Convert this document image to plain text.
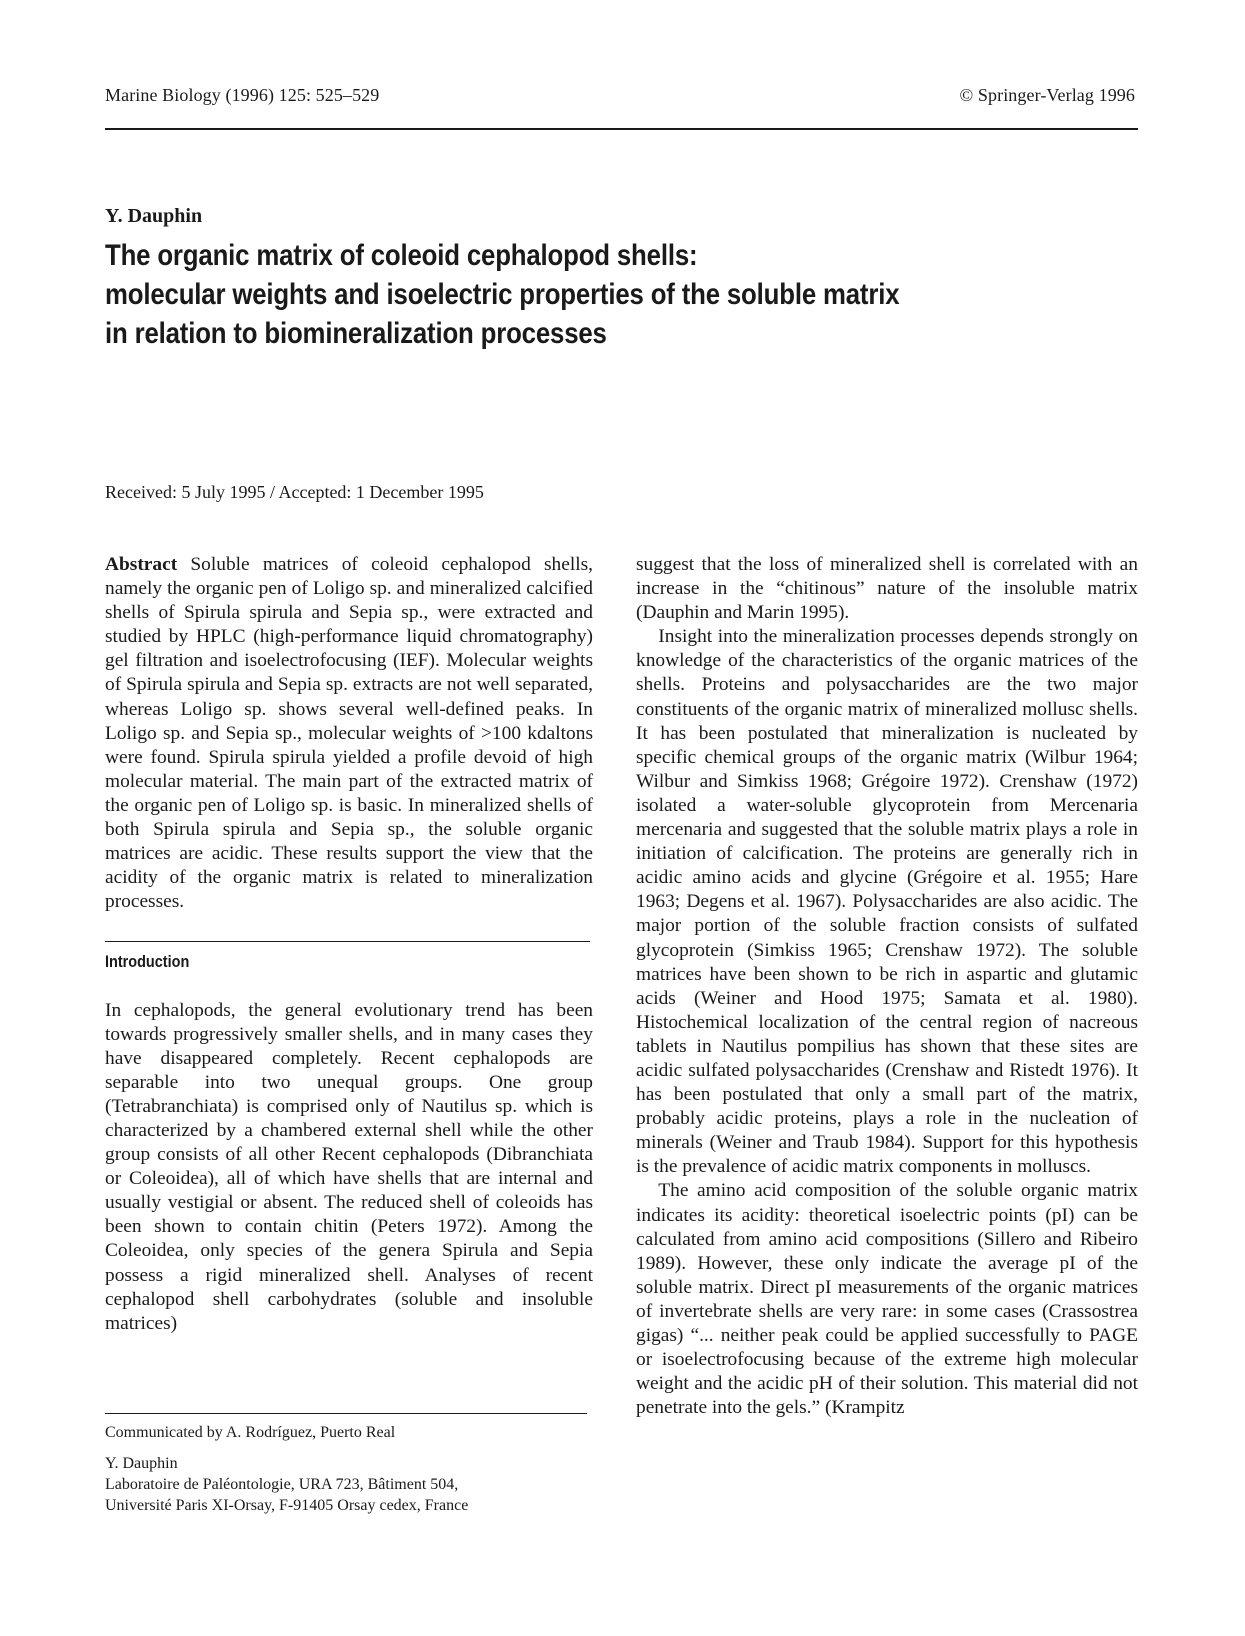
Marine Biology (1996) 125: 525–529	© Springer-Verlag 1996
Y. Dauphin
The organic matrix of coleoid cephalopod shells:
molecular weights and isoelectric properties of the soluble matrix
in relation to biomineralization processes
Received: 5 July 1995 / Accepted: 1 December 1995

Abstract Soluble matrices of coleoid cephalopod shells, namely the organic pen of Loligo sp. and mineralized calcified shells of Spirula spirula and Sepia sp., were extracted and studied by HPLC (high-performance liquid chromatography) gel filtration and isoelectrofocusing (IEF). Molecular weights of Spirula spirula and Sepia sp. extracts are not well separated, whereas Loligo sp. shows several well-defined peaks. In Loligo sp. and Sepia sp., molecular weights of >100 kdaltons were found. Spirula spirula yielded a profile devoid of high molecular material. The main part of the extracted matrix of the organic pen of Loligo sp. is basic. In mineralized shells of both Spirula spirula and Sepia sp., the soluble organic matrices are acidic. These results support the view that the acidity of the organic matrix is related to mineralization processes.

Introduction

In cephalopods, the general evolutionary trend has been towards progressively smaller shells, and in many cases they have disappeared completely. Recent cephalopods are separable into two unequal groups. One group (Tetrabranchiata) is comprised only of Nautilus sp. which is characterized by a chambered external shell while the other group consists of all other Recent cephalopods (Dibranchiata or Coleoidea), all of which have shells that are internal and usually vestigial or absent. The reduced shell of coleoids has been shown to contain chitin (Peters 1972). Among the Coleoidea, only species of the genera Spirula and Sepia possess a rigid mineralized shell. Analyses of recent cephalopod shell carbohydrates (soluble and insoluble matrices)

suggest that the loss of mineralized shell is correlated with an increase in the “chitinous” nature of the insoluble matrix (Dauphin and Marin 1995).

Insight into the mineralization processes depends strongly on knowledge of the characteristics of the organic matrices of the shells. Proteins and polysaccharides are the two major constituents of the organic matrix of mineralized mollusc shells. It has been postulated that mineralization is nucleated by specific chemical groups of the organic matrix (Wilbur 1964; Wilbur and Simkiss 1968; Grégoire 1972). Crenshaw (1972) isolated a water-soluble glycoprotein from Mercenaria mercenaria and suggested that the soluble matrix plays a role in initiation of calcification. The proteins are generally rich in acidic amino acids and glycine (Grégoire et al. 1955; Hare 1963; Degens et al. 1967). Polysaccharides are also acidic. The major portion of the soluble fraction consists of sulfated glycoprotein (Simkiss 1965; Crenshaw 1972). The soluble matrices have been shown to be rich in aspartic and glutamic acids (Weiner and Hood 1975; Samata et al. 1980). Histochemical localization of the central region of nacreous tablets in Nautilus pompilius has shown that these sites are acidic sulfated polysaccharides (Crenshaw and Ristedt 1976). It has been postulated that only a small part of the matrix, probably acidic proteins, plays a role in the nucleation of minerals (Weiner and Traub 1984). Support for this hypothesis is the prevalence of acidic matrix components in molluscs.

The amino acid composition of the soluble organic matrix indicates its acidity: theoretical isoelectric points (pI) can be calculated from amino acid compositions (Sillero and Ribeiro 1989). However, these only indicate the average pI of the soluble matrix. Direct pI measurements of the organic matrices of invertebrate shells are very rare: in some cases (Crassostrea gigas) “... neither peak could be applied successfully to PAGE or isoelectrofocusing because of the extreme high molecular weight and the acidic pH of their solution. This material did not penetrate into the gels.” (Krampitz

Communicated by A. Rodríguez, Puerto Real
Y. Dauphin
Laboratoire de Paléontologie, URA 723, Bâtiment 504,
Université Paris XI-Orsay, F-91405 Orsay cedex, France
